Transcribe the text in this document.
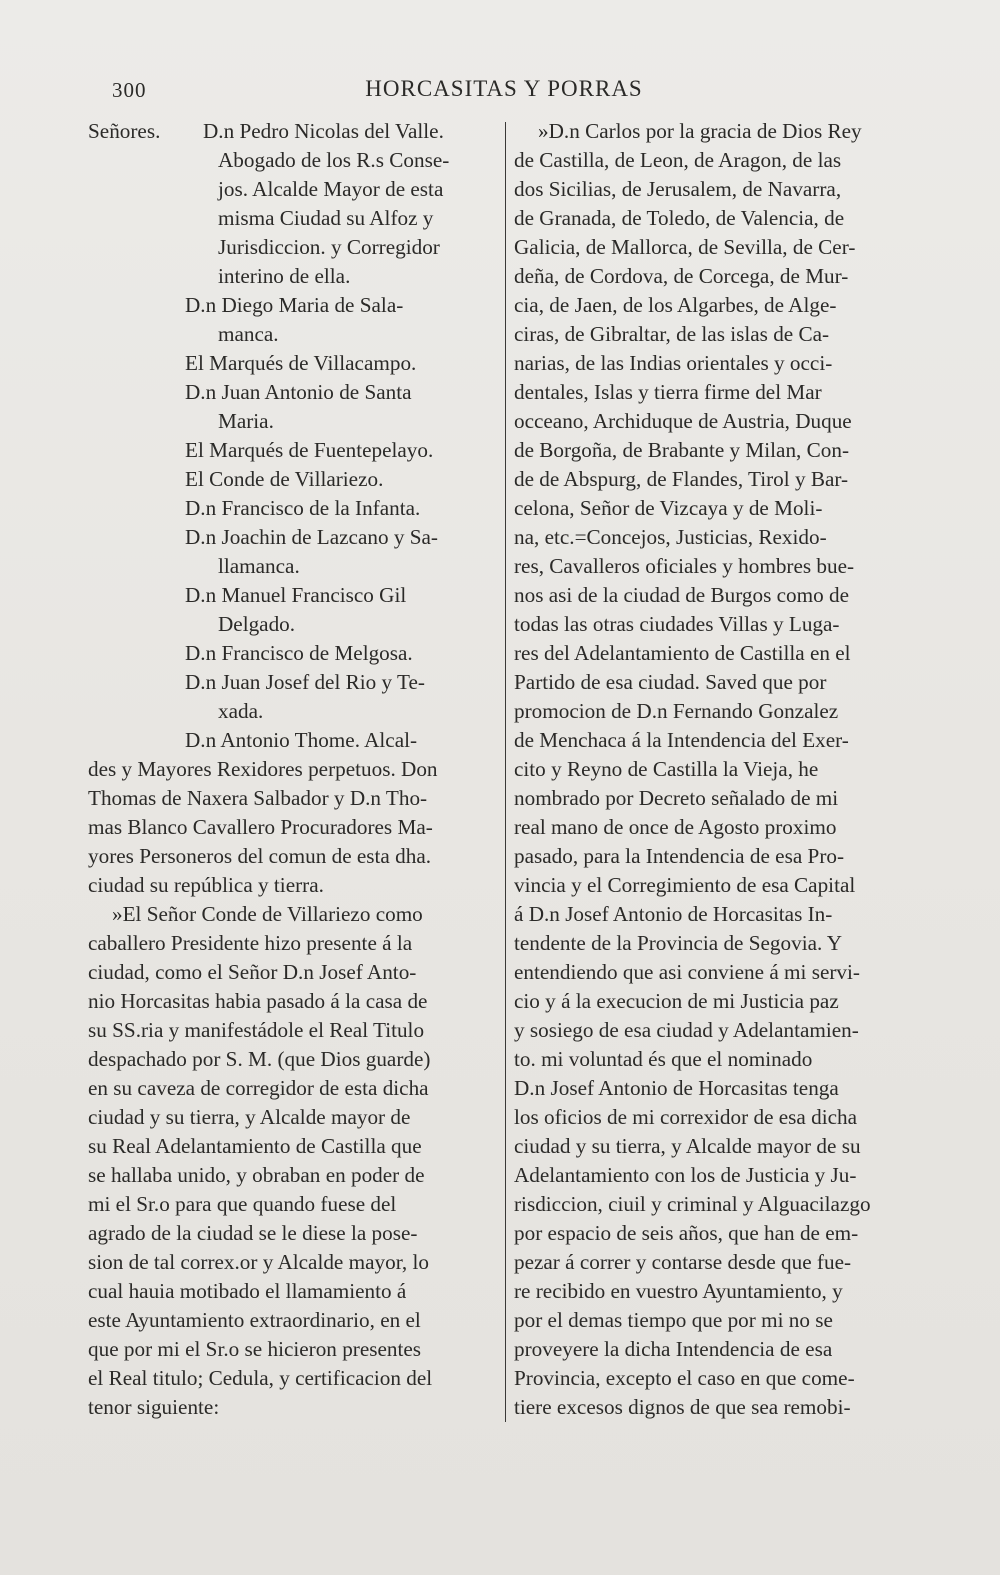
300	HORCASITAS Y PORRAS
Señores. D.n Pedro Nicolas del Valle.
Abogado de los R.s Conse-
jos. Alcalde Mayor de esta
misma Ciudad su Alfoz y
Jurisdiccion. y Corregidor
interino de ella.
D.n Diego Maria de Sala-
manca.
El Marqués de Villacampo.
D.n Juan Antonio de Santa
Maria.
El Marqués de Fuentepelayo.
El Conde de Villariezo.
D.n Francisco de la Infanta.
D.n Joachin de Lazcano y Sa-
llamanca.
D.n Manuel Francisco Gil
Delgado.
D.n Francisco de Melgosa.
D.n Juan Josef del Rio y Te-
xada.
D.n Antonio Thome. Alcal-
des y Mayores Rexidores perpetuos. Don
Thomas de Naxera Salbador y D.n Tho-
mas Blanco Cavallero Procuradores Ma-
yores Personeros del comun de esta dha.
ciudad su república y tierra.
»El Señor Conde de Villariezo como
caballero Presidente hizo presente á la
ciudad, como el Señor D.n Josef Anto-
nio Horcasitas habia pasado á la casa de
su SS.ria y manifestádole el Real Titulo
despachado por S. M. (que Dios guarde)
en su caveza de corregidor de esta dicha
ciudad y su tierra, y Alcalde mayor de
su Real Adelantamiento de Castilla que
se hallaba unido, y obraban en poder de
mi el Sr.o para que quando fuese del
agrado de la ciudad se le diese la pose-
sion de tal correx.or y Alcalde mayor, lo
cual hauia motibado el llamamiento á
este Ayuntamiento extraordinario, en el
que por mi el Sr.o se hicieron presentes
el Real titulo; Cedula, y certificacion del
tenor siguiente:
»D.n Carlos por la gracia de Dios Rey
de Castilla, de Leon, de Aragon, de las
dos Sicilias, de Jerusalem, de Navarra,
de Granada, de Toledo, de Valencia, de
Galicia, de Mallorca, de Sevilla, de Cer-
deña, de Cordova, de Corcega, de Mur-
cia, de Jaen, de los Algarbes, de Alge-
ciras, de Gibraltar, de las islas de Ca-
narias, de las Indias orientales y occi-
dentales, Islas y tierra firme del Mar
occeano, Archiduque de Austria, Duque
de Borgoña, de Brabante y Milan, Con-
de de Abspurg, de Flandes, Tirol y Bar-
celona, Señor de Vizcaya y de Moli-
na, etc.=Concejos, Justicias, Rexido-
res, Cavalleros oficiales y hombres bue-
nos asi de la ciudad de Burgos como de
todas las otras ciudades Villas y Luga-
res del Adelantamiento de Castilla en el
Partido de esa ciudad. Saved que por
promocion de D.n Fernando Gonzalez
de Menchaca á la Intendencia del Exer-
cito y Reyno de Castilla la Vieja, he
nombrado por Decreto señalado de mi
real mano de once de Agosto proximo
pasado, para la Intendencia de esa Pro-
vincia y el Corregimiento de esa Capital
á D.n Josef Antonio de Horcasitas In-
tendente de la Provincia de Segovia. Y
entendiendo que asi conviene á mi servi-
cio y á la execucion de mi Justicia paz
y sosiego de esa ciudad y Adelantamien-
to. mi voluntad és que el nominado
D.n Josef Antonio de Horcasitas tenga
los oficios de mi correxidor de esa dicha
ciudad y su tierra, y Alcalde mayor de su
Adelantamiento con los de Justicia y Ju-
risdiccion, ciuil y criminal y Alguacilazgo
por espacio de seis años, que han de em-
pezar á correr y contarse desde que fue-
re recibido en vuestro Ayuntamiento, y
por el demas tiempo que por mi no se
proveyere la dicha Intendencia de esa
Provincia, excepto el caso en que come-
tiere excesos dignos de que sea remobi-
